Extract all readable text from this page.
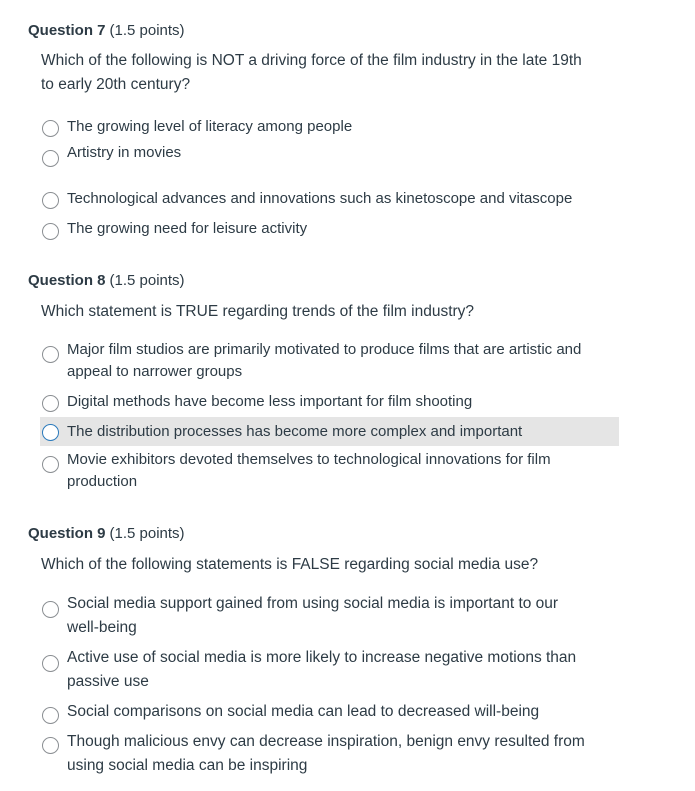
Question 7 (1.5 points)
Which of the following is NOT a driving force of the film industry in the late 19th
to early 20th century?
The growing level of literacy among people
Artistry in movies
Technological advances and innovations such as kinetoscope and vitascope
The growing need for leisure activity
Question 8 (1.5 points)
Which statement is TRUE regarding trends of the film industry?
Major film studios are primarily motivated to produce films that are artistic and
appeal to narrower groups
Digital methods have become less important for film shooting
The distribution processes has become more complex and important
Movie exhibitors devoted themselves to technological innovations for film
production
Question 9 (1.5 points)
Which of the following statements is FALSE regarding social media use?
Social media support gained from using social media is important to our
well-being
Active use of social media is more likely to increase negative motions than
passive use
Social comparisons on social media can lead to decreased will-being
Though malicious envy can decrease inspiration, benign envy resulted from
using social media can be inspiring
